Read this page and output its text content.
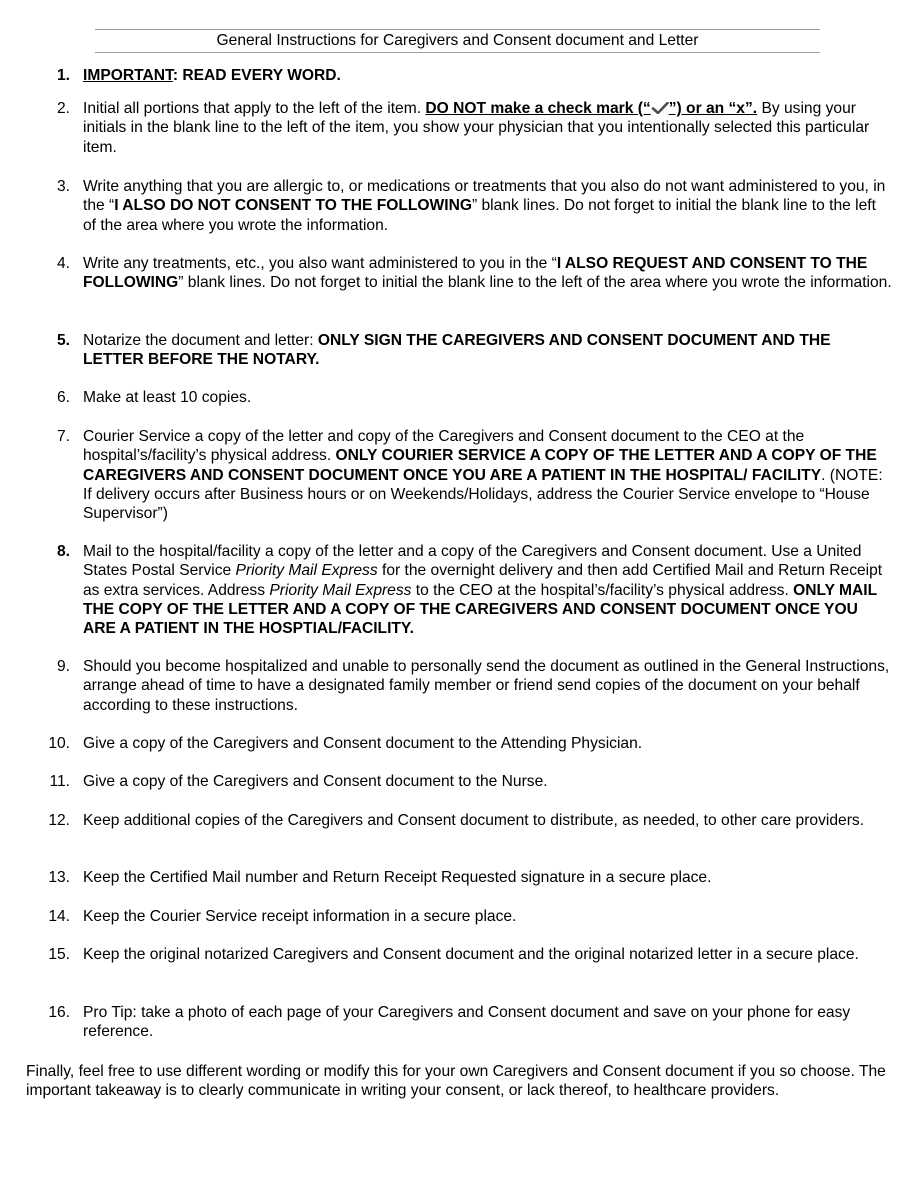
General Instructions for Caregivers and Consent document and Letter
1. IMPORTANT: READ EVERY WORD.
2. Initial all portions that apply to the left of the item. DO NOT make a check mark (“ ”) or an “x”. By using your initials in the blank line to the left of the item, you show your physician that you intentionally selected this particular item.
3. Write anything that you are allergic to, or medications or treatments that you also do not want administered to you, in the “I ALSO DO NOT CONSENT TO THE FOLLOWING” blank lines. Do not forget to initial the blank line to the left of the area where you wrote the information.
4. Write any treatments, etc., you also want administered to you in the “I ALSO REQUEST AND CONSENT TO THE FOLLOWING” blank lines. Do not forget to initial the blank line to the left of the area where you wrote the information.
5. Notarize the document and letter: ONLY SIGN THE CAREGIVERS AND CONSENT DOCUMENT AND THE LETTER BEFORE THE NOTARY.
6. Make at least 10 copies.
7. Courier Service a copy of the letter and copy of the Caregivers and Consent document to the CEO at the hospital’s/facility’s physical address. ONLY COURIER SERVICE A COPY OF THE LETTER AND A COPY OF THE CAREGIVERS AND CONSENT DOCUMENT ONCE YOU ARE A PATIENT IN THE HOSPITAL/ FACILITY. (NOTE: If delivery occurs after Business hours or on Weekends/Holidays, address the Courier Service envelope to “House Supervisor”)
8. Mail to the hospital/facility a copy of the letter and a copy of the Caregivers and Consent document. Use a United States Postal Service Priority Mail Express for the overnight delivery and then add Certified Mail and Return Receipt as extra services. Address Priority Mail Express to the CEO at the hospital’s/facility’s physical address. ONLY MAIL THE COPY OF THE LETTER AND A COPY OF THE CAREGIVERS AND CONSENT DOCUMENT ONCE YOU ARE A PATIENT IN THE HOSPTIAL/FACILITY.
9. Should you become hospitalized and unable to personally send the document as outlined in the General Instructions, arrange ahead of time to have a designated family member or friend send copies of the document on your behalf according to these instructions.
10. Give a copy of the Caregivers and Consent document to the Attending Physician.
11. Give a copy of the Caregivers and Consent document to the Nurse.
12. Keep additional copies of the Caregivers and Consent document to distribute, as needed, to other care providers.
13. Keep the Certified Mail number and Return Receipt Requested signature in a secure place.
14. Keep the Courier Service receipt information in a secure place.
15. Keep the original notarized Caregivers and Consent document and the original notarized letter in a secure place.
16. Pro Tip: take a photo of each page of your Caregivers and Consent document and save on your phone for easy reference.
Finally, feel free to use different wording or modify this for your own Caregivers and Consent document if you so choose. The important takeaway is to clearly communicate in writing your consent, or lack thereof, to healthcare providers.
